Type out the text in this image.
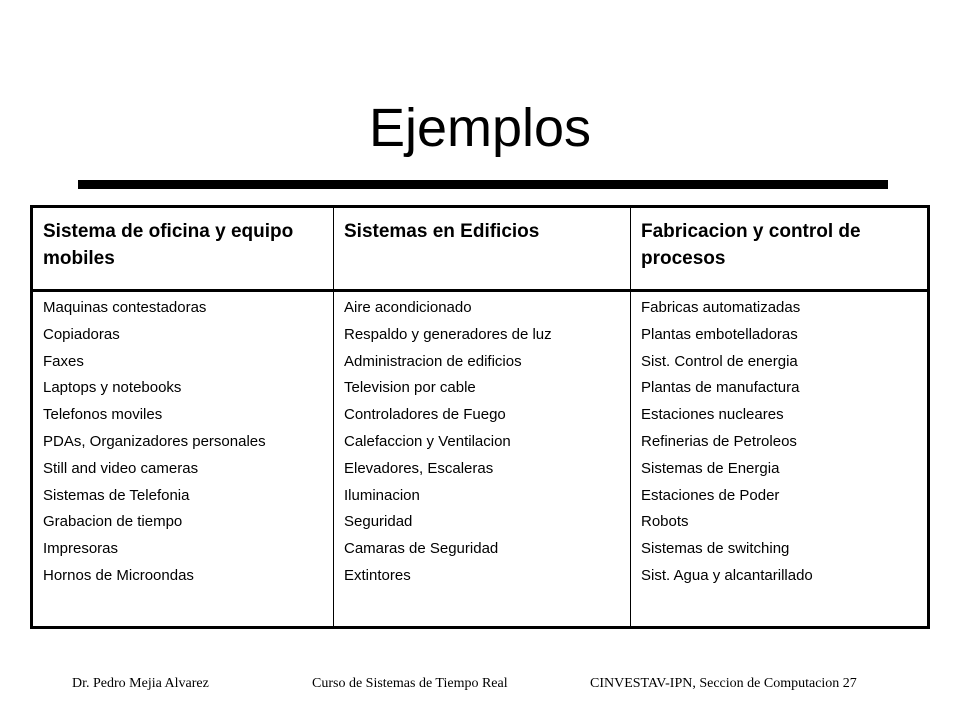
Ejemplos
Sistema de oficina y equipo mobiles
Maquinas contestadoras
Copiadoras
Faxes
Laptops y notebooks
Telefonos moviles
PDAs, Organizadores personales
Still and video cameras
Sistemas de Telefonia
Grabacion de tiempo
Impresoras
Hornos de Microondas
Sistemas en Edificios
Aire acondicionado
Respaldo y generadores de luz
Administracion de edificios
Television por cable
Controladores de Fuego
Calefaccion y Ventilacion
Elevadores, Escaleras
Iluminacion
Seguridad
Camaras de Seguridad
Extintores
Fabricacion y control de procesos
Fabricas automatizadas
Plantas embotelladoras
Sist. Control de energia
Plantas de manufactura
Estaciones nucleares
Refinerias de Petroleos
Sistemas de Energia
Estaciones de Poder
Robots
Sistemas de switching
Sist. Agua y alcantarillado
Dr. Pedro Mejia Alvarez	Curso de Sistemas de Tiempo Real	CINVESTAV-IPN, Seccion de Computacion 27
